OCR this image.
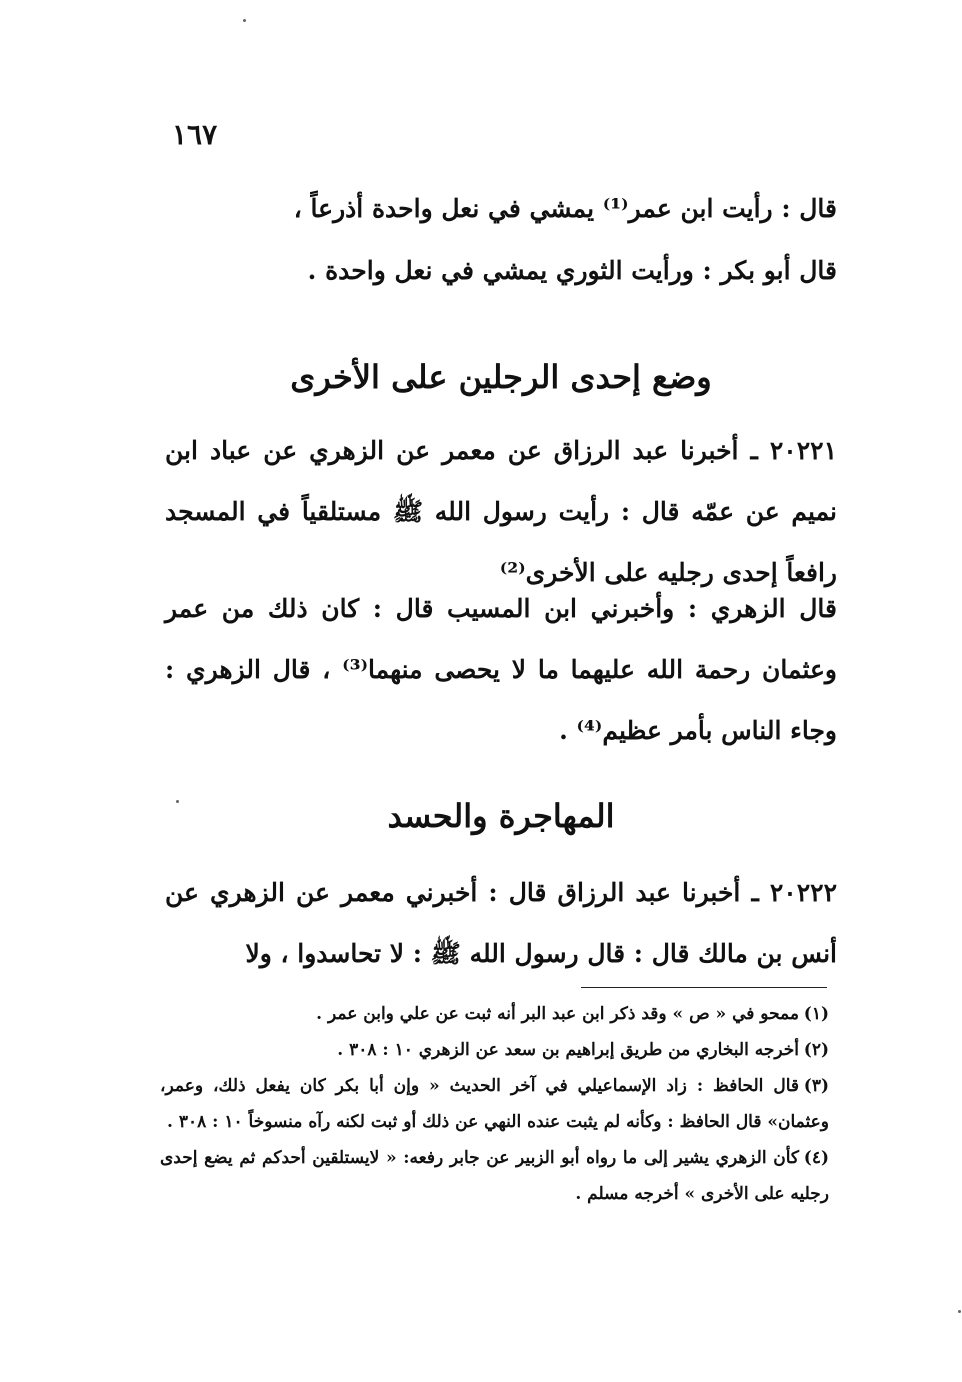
١٦٧
قال : رأيت ابن عمر⁽¹⁾ يمشي في نعل واحدة أذرعاً ،
قال أبو بكر : ورأيت الثوري يمشي في نعل واحدة .
وضع إحدى الرجلين على الأخرى
٢٠٢٢١ ـ أخبرنا عبد الرزاق عن معمر عن الزهري عن عباد ابن نميم عن عمّه قال : رأيت رسول الله ﷺ مستلقياً في المسجد رافعاً إحدى رجليه على الأخرى⁽²⁾
قال الزهري : وأخبرني ابن المسيب قال : كان ذلك من عمر وعثمان رحمة الله عليهما ما لا يحصى منهما⁽³⁾ ، قال الزهري : وجاء الناس بأمر عظيم⁽⁴⁾ .
المهاجرة والحسد
٢٠٢٢٢ ـ أخبرنا عبد الرزاق قال : أخبرني معمر عن الزهري عن أنس بن مالك قال : قال رسول الله ﷺ : لا تحاسدوا ، ولا
(١)ممحو في « ص » وقد ذكر ابن عبد البر أنه ثبت عن علي وابن عمر .
(٢)أخرجه البخاري من طريق إبراهيم بن سعد عن الزهري ١٠ : ٣٠٨ .
(٣)قال الحافظ : زاد الإسماعيلي في آخر الحديث « وإن أبا بكر كان يفعل ذلك، وعمر، وعثمان» قال الحافظ : وكأنه لم يثبت عنده النهي عن ذلك أو ثبت لكنه رآه منسوخاً ١٠ : ٣٠٨ .
(٤)كأن الزهري يشير إلى ما رواه أبو الزبير عن جابر رفعه: « لايستلقين أحدكم ثم يضع إحدى رجليه على الأخرى » أخرجه مسلم .
